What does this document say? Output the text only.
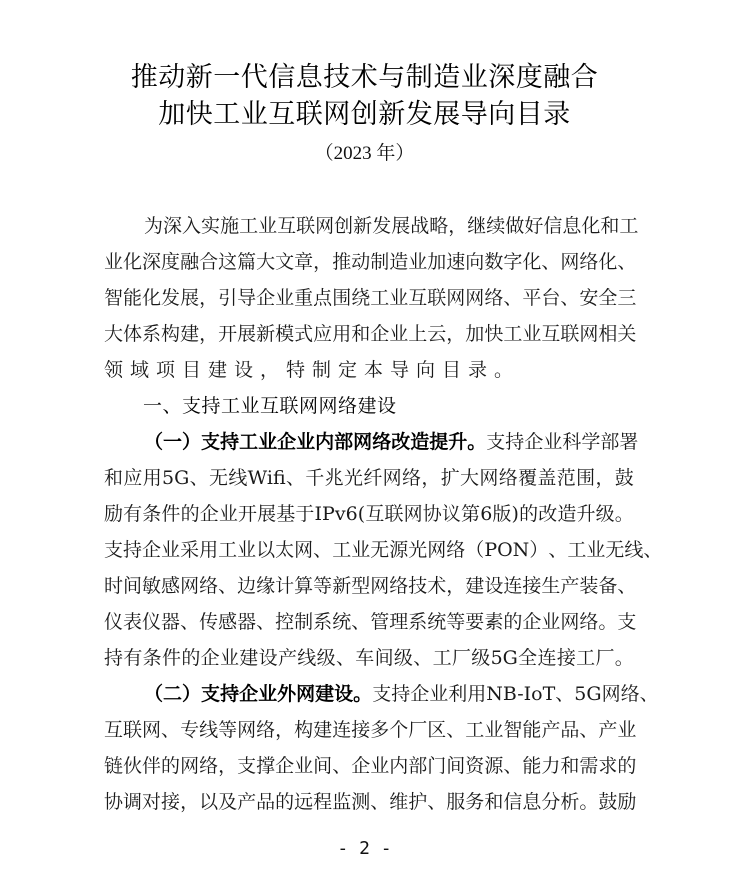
推动新一代信息技术与制造业深度融合
加快工业互联网创新发展导向目录
（2023 年）
为 深 入 实 施 工 业 互 联 网 创 新 发 展 战 略 ， 继 续 做 好 信 息 化 和 工
业 化 深 度 融 合 这 篇 大 文 章 ， 推 动 制 造 业 加 速 向 数 字 化 、 网 络 化 、
智 能 化 发 展 ， 引 导 企 业 重 点 围 绕 工 业 互 联 网 网 络 、 平 台 、 安 全 三
大 体 系 构 建 ， 开 展 新 模 式 应 用 和 企 业 上 云 ， 加 快 工 业 互 联 网 相 关
领域项目建设，特制定本导向目录。
一、支持工业互联网网络建设
（ 一 ） 支 持 工 业 企 业 内 部 网 络 改 造 提 升 。 支 持 企 业 科 学 部 署
和 应 用 5G 、 无 线 Wifi 、 千 兆 光 纤 网 络 ， 扩 大 网 络 覆 盖 范 围 ， 鼓
励 有 条 件 的 企 业 开 展 基 于 IPv6 ( 互 联 网 协 议 第 6 版 ) 的 改 造 升 级 。
支 持 企 业 采 用 工 业 以 太 网 、 工 业 无 源 光 网 络 （ PON ） 、 工 业 无 线 、
时 间 敏 感 网 络 、 边 缘 计 算 等 新 型 网 络 技 术 ， 建 设 连 接 生 产 装 备 、
仪 表 仪 器 、 传 感 器 、 控 制 系 统 、 管 理 系 统 等 要 素 的 企 业 网 络 。 支
持 有 条 件 的 企 业 建 设 产 线 级 、 车 间 级 、 工 厂 级 5G 全 连 接 工 厂 。
（ 二 ） 支 持 企 业 外 网 建 设 。 支 持 企 业 利 用 NB-IoT 、 5G 网 络 、
互 联 网 、 专 线 等 网 络 ， 构 建 连 接 多 个 厂 区 、 工 业 智 能 产 品 、 产 业
链 伙 伴 的 网 络 ， 支 撑 企 业 间 、 企 业 内 部 门 间 资 源 、 能 力 和 需 求 的
协 调 对 接 ， 以 及 产 品 的 远 程 监 测 、 维 护 、 服 务 和 信 息 分 析 。 鼓 励
- 2 -
